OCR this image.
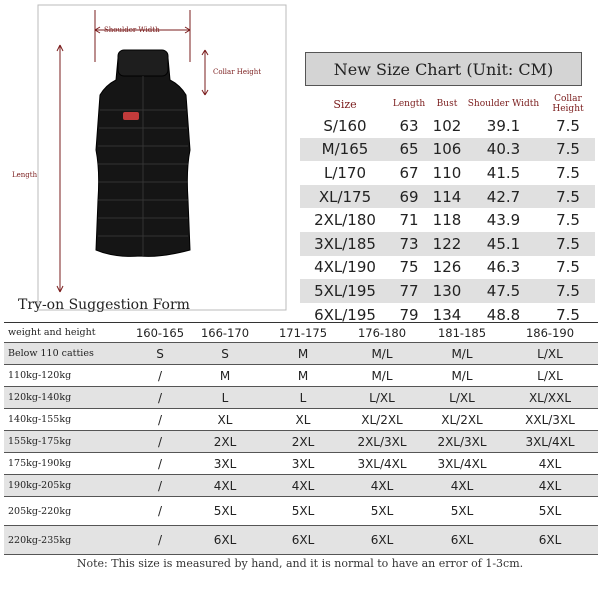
Shoulder Width
Collar Height
Length
New Size Chart (Unit: CM)
Size	Length	Bust	Shoulder Width	Collar Height
S/160	63	102	39.1	7.5
M/165	65	106	40.3	7.5
L/170	67	110	41.5	7.5
XL/175	69	114	42.7	7.5
2XL/180	71	118	43.9	7.5
3XL/185	73	122	45.1	7.5
4XL/190	75	126	46.3	7.5
5XL/195	77	130	47.5	7.5
6XL/195	79	134	48.8	7.5
Try-on Suggestion Form
weight and height	160-165	166-170	171-175	176-180	181-185	186-190
Below 110 catties	S	S	M	M/L	M/L	L/XL
110kg-120kg	/	M	M	M/L	M/L	L/XL
120kg-140kg	/	L	L	L/XL	L/XL	XL/XXL
140kg-155kg	/	XL	XL	XL/2XL	XL/2XL	XXL/3XL
155kg-175kg	/	2XL	2XL	2XL/3XL	2XL/3XL	3XL/4XL
175kg-190kg	/	3XL	3XL	3XL/4XL	3XL/4XL	4XL
190kg-205kg	/	4XL	4XL	4XL	4XL	4XL
205kg-220kg	/	5XL	5XL	5XL	5XL	5XL
220kg-235kg	/	6XL	6XL	6XL	6XL	6XL
Note: This size is measured by hand, and it is normal to have an error of 1-3cm.
